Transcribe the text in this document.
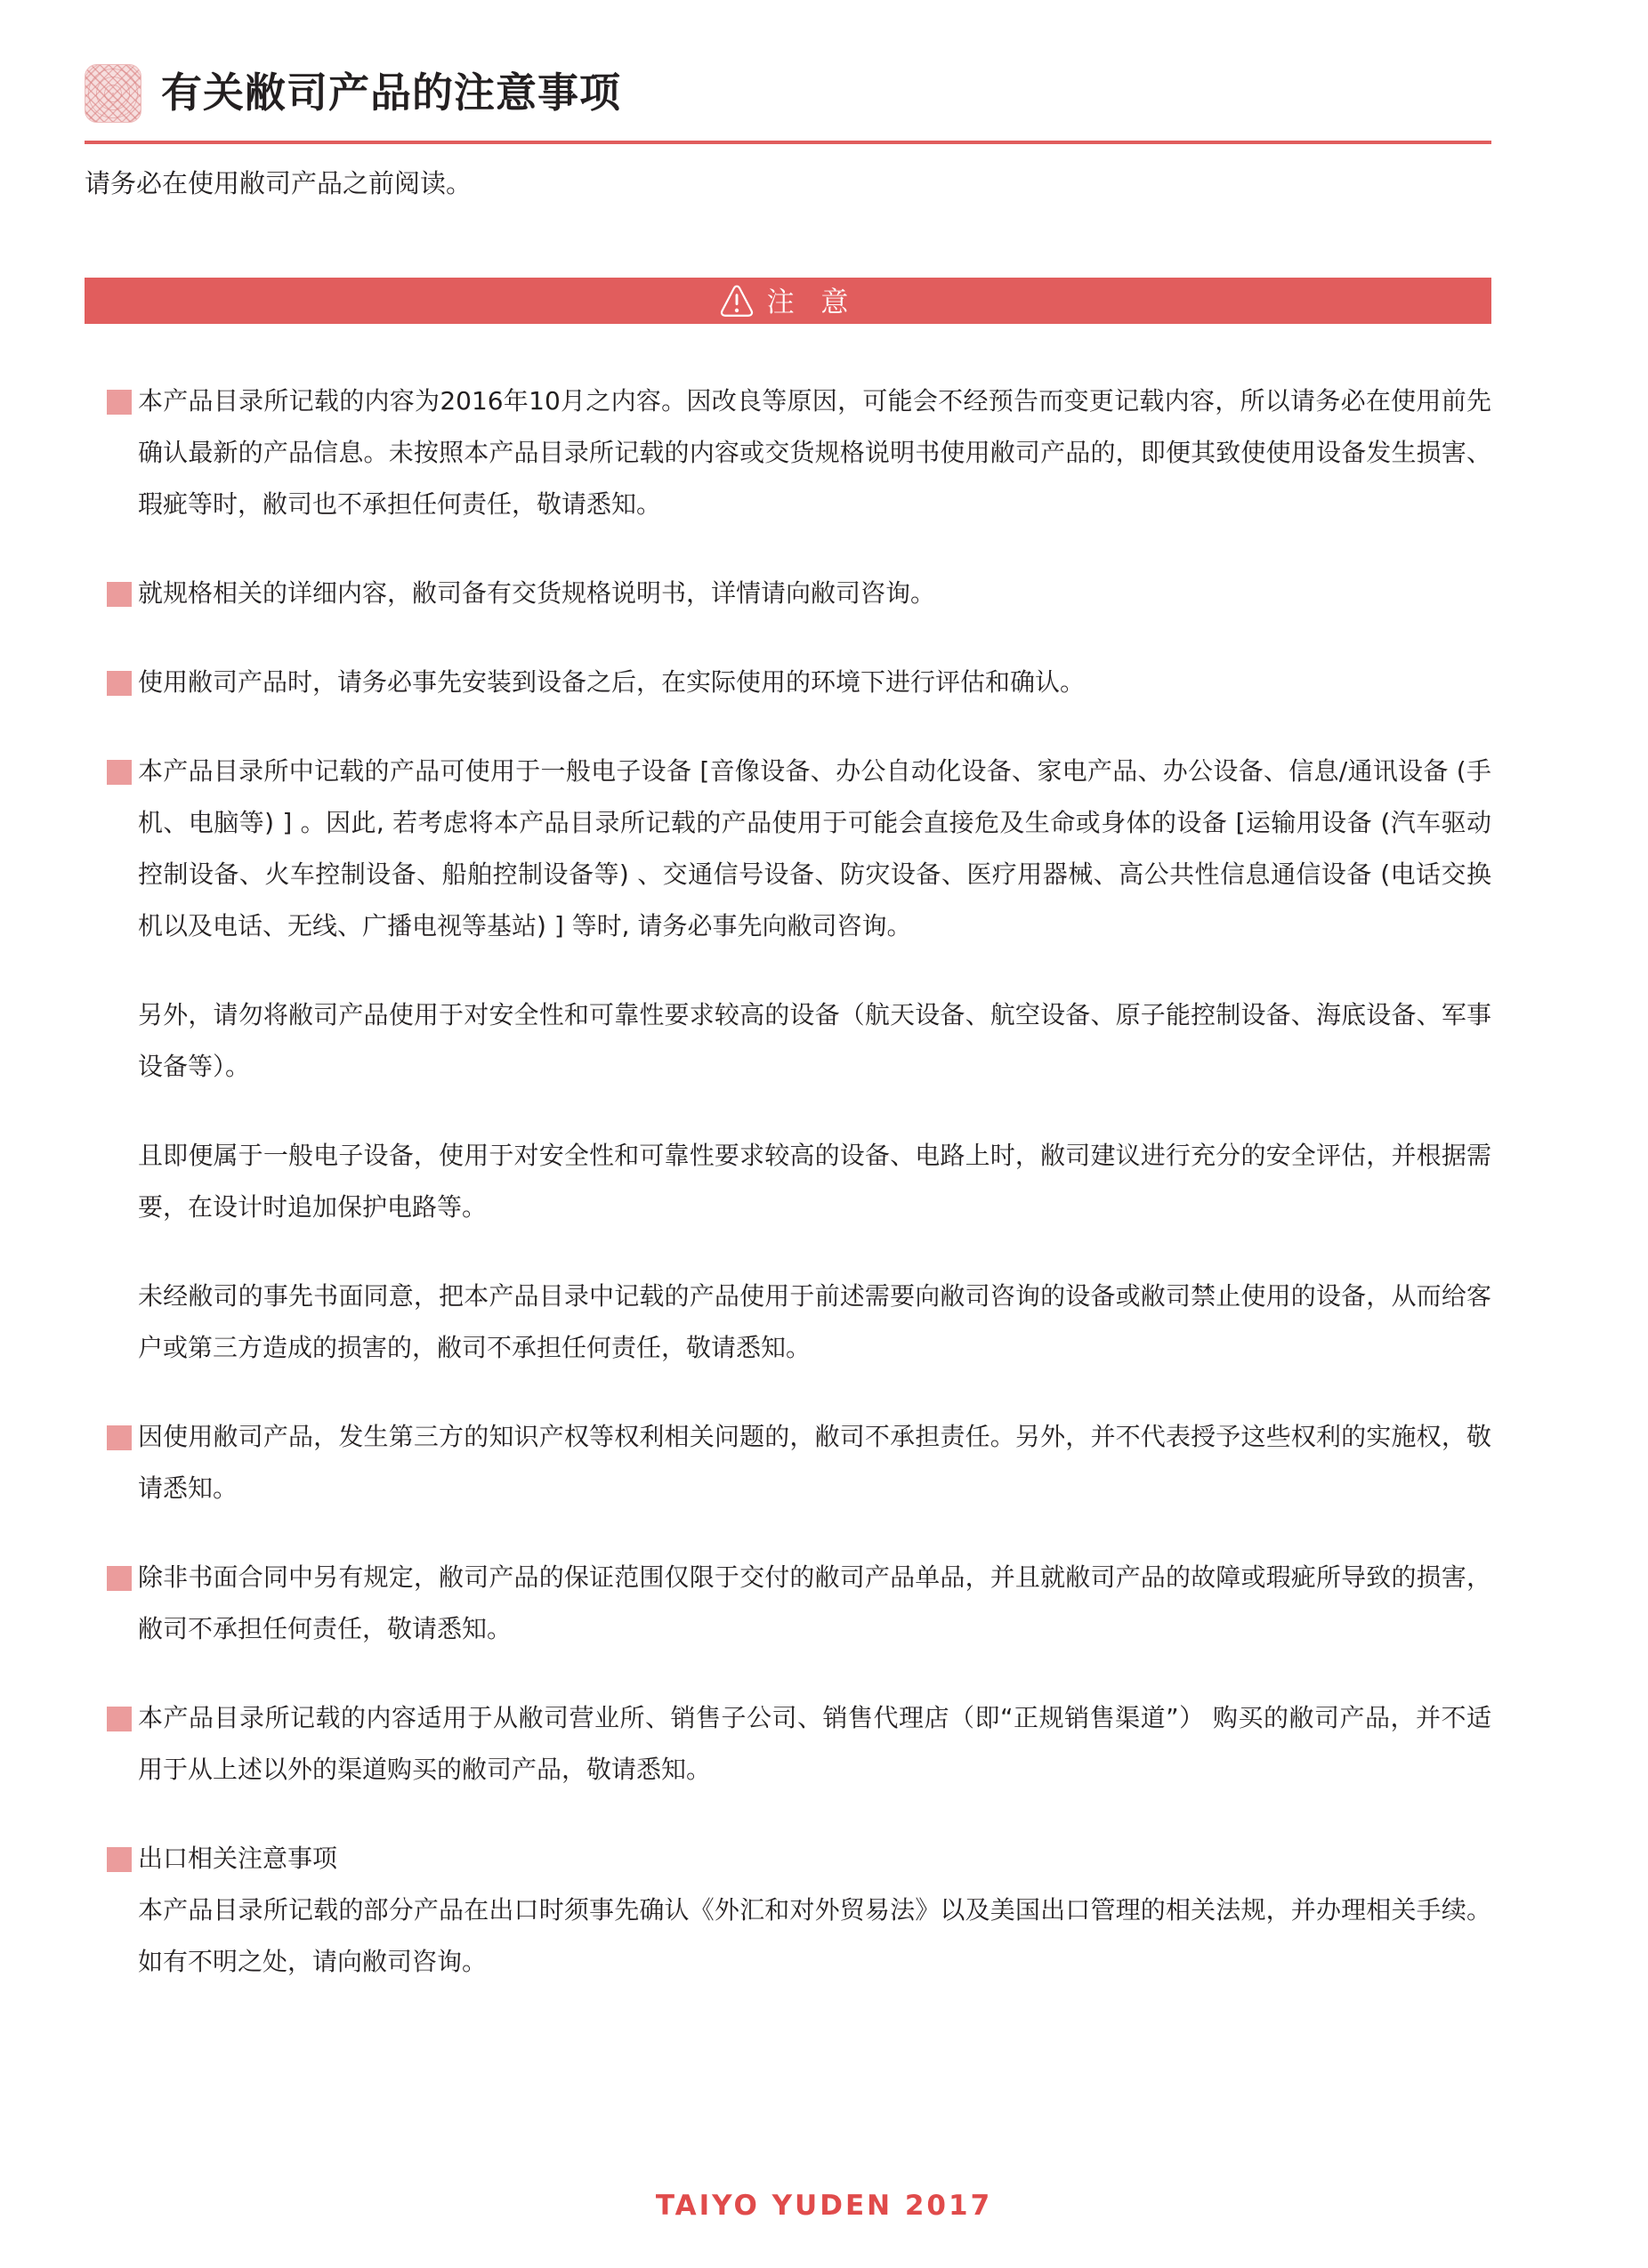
有关敝司产品的注意事项

请务必在使用敝司产品之前阅读。

注 意

本产品目录所记载的内容为2016年10月之内容。因改良等原因，可能会不经预告而变更记载内容，所以请务必在使用前先确认最新的产品信息。未按照本产品目录所记载的内容或交货规格说明书使用敝司产品的，即便其致使使用设备发生损害、瑕疵等时，敝司也不承担任何责任，敬请悉知。

就规格相关的详细内容，敝司备有交货规格说明书，详情请向敝司咨询。

使用敝司产品时，请务必事先安装到设备之后，在实际使用的环境下进行评估和确认。

本产品目录所中记载的产品可使用于一般电子设备 [音像设备、办公自动化设备、家电产品、办公设备、信息/通讯设备 (手机、电脑等) ] 。因此, 若考虑将本产品目录所记载的产品使用于可能会直接危及生命或身体的设备 [运输用设备 (汽车驱动控制设备、火车控制设备、船舶控制设备等) 、交通信号设备、防灾设备、医疗用器械、高公共性信息通信设备 (电话交换机以及电话、无线、广播电视等基站) ] 等时, 请务必事先向敝司咨询。

另外，请勿将敝司产品使用于对安全性和可靠性要求较高的设备（航天设备、航空设备、原子能控制设备、海底设备、军事设备等）。

且即便属于一般电子设备，使用于对安全性和可靠性要求较高的设备、电路上时，敝司建议进行充分的安全评估，并根据需要，在设计时追加保护电路等。

未经敝司的事先书面同意，把本产品目录中记载的产品使用于前述需要向敝司咨询的设备或敝司禁止使用的设备，从而给客户或第三方造成的损害的，敝司不承担任何责任，敬请悉知。

因使用敝司产品，发生第三方的知识产权等权利相关问题的，敝司不承担责任。另外，并不代表授予这些权利的实施权，敬请悉知。

除非书面合同中另有规定，敝司产品的保证范围仅限于交付的敝司产品单品，并且就敝司产品的故障或瑕疵所导致的损害，敝司不承担任何责任，敬请悉知。

本产品目录所记载的内容适用于从敝司营业所、销售子公司、销售代理店（即“正规销售渠道”） 购买的敝司产品，并不适用于从上述以外的渠道购买的敝司产品，敬请悉知。

出口相关注意事项

本产品目录所记载的部分产品在出口时须事先确认《外汇和对外贸易法》以及美国出口管理的相关法规，并办理相关手续。如有不明之处，请向敝司咨询。

TAIYO YUDEN 2017
